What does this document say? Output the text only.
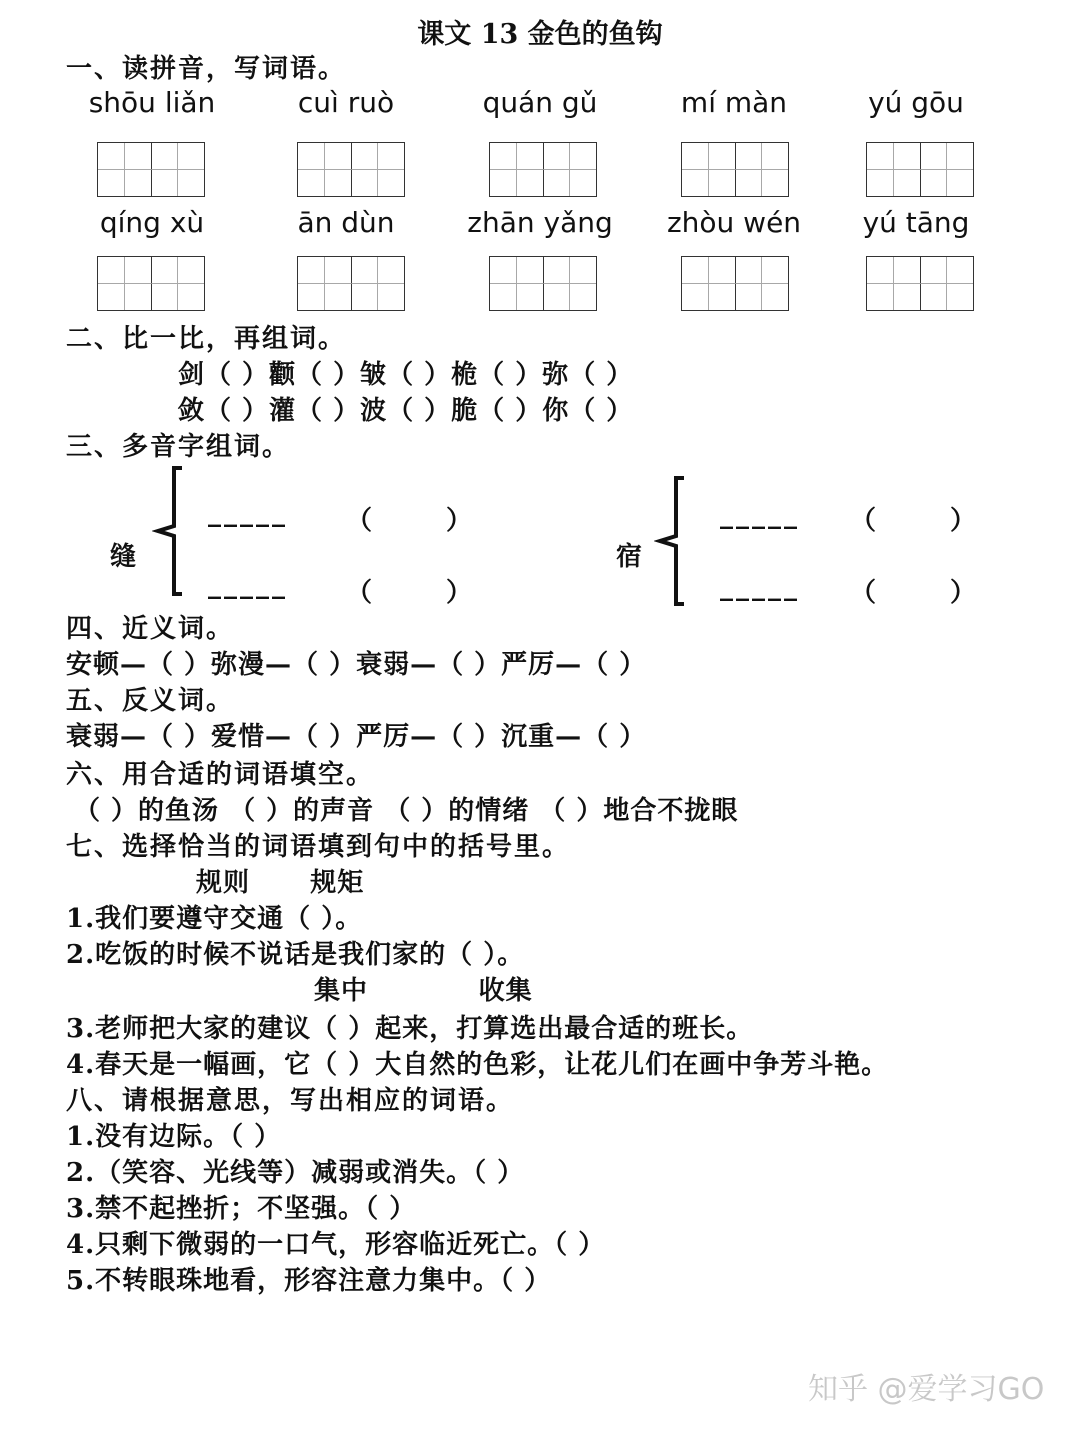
课文 13 金色的鱼钩
一、读拼音，写词语。
shōu liǎn	cuì ruò	quán gǔ	mí màn	yú gōu
qíng xù	ān dùn	zhān yǎng	zhòu wén	yú tāng
二、比一比，再组词。
剑（ ）颧（ ）皱（ ）桅（ ）弥（ ）
敛（ ）灌（ ）波（ ）脆（ ）你（ ）
三、多音字组词。
缝
_____ （	）
_____ （	）
宿
_____ （	）
_____ （	）
四、近义词。
安顿—（ ）弥漫—（ ）衰弱—（ ）严厉—（ ）
五、反义词。
衰弱—（ ）爱惜—（ ）严厉—（ ）沉重—（ ）
六、用合适的词语填空。
（ ）的鱼汤 （ ）的声音 （ ）的情绪 （ ）地合不拢眼
七、选择恰当的词语填到句中的括号里。
规则      规矩
1.我们要遵守交通（ ）。
2.吃饭的时候不说话是我们家的（ ）。
集中           收集
3.老师把大家的建议（ ）起来，打算选出最合适的班长。
4.春天是一幅画，它（ ）大自然的色彩，让花儿们在画中争芳斗艳。
八、请根据意思，写出相应的词语。
1.没有边际。（ ）
2.（笑容、光线等）减弱或消失。（ ）
3.禁不起挫折；不坚强。（ ）
4.只剩下微弱的一口气，形容临近死亡。（ ）
5.不转眼珠地看，形容注意力集中。（ ）
知乎 @爱学习GO
